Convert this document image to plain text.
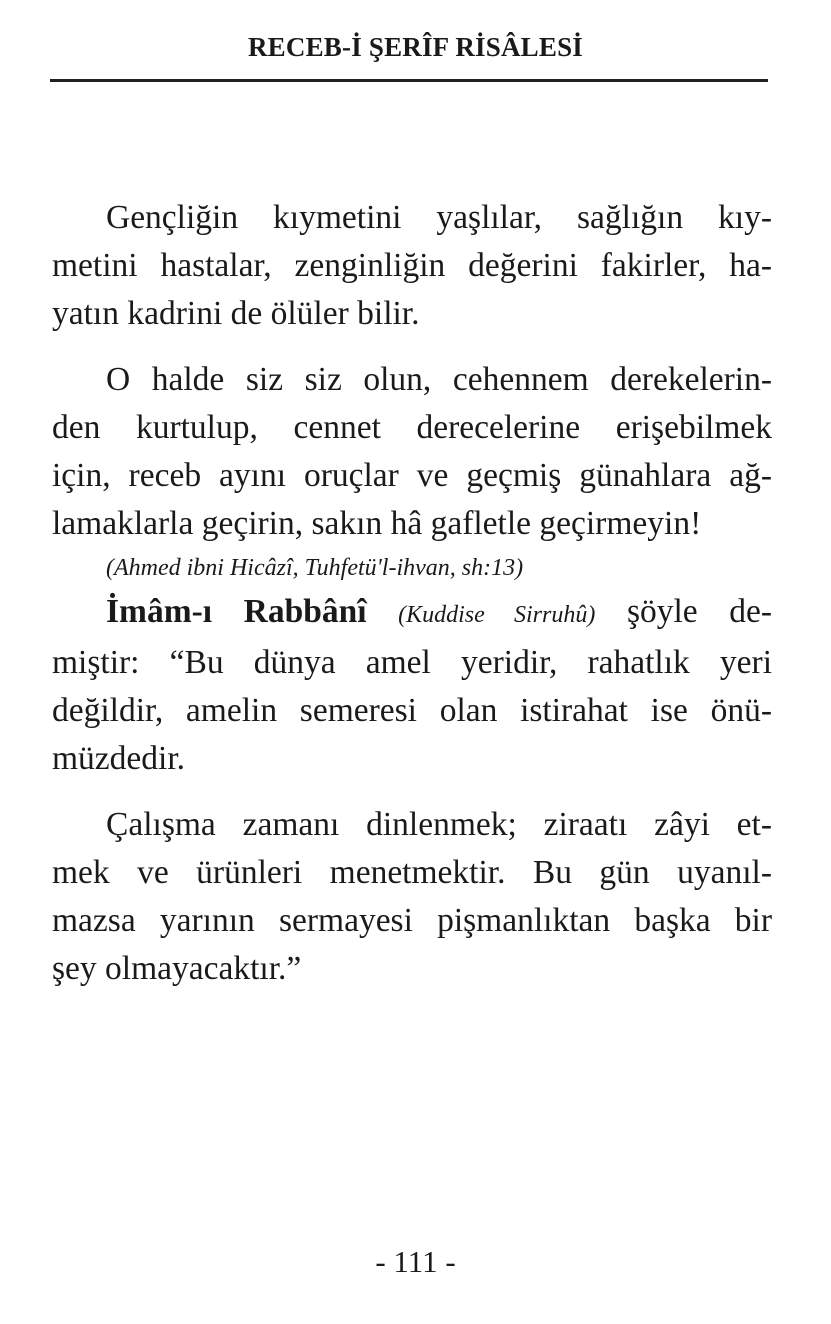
RECEB-İ ŞERÎF RİSÂLESİ

Gençliğin kıymetini yaşlılar, sağlığın kıy-
metini hastalar, zenginliğin değerini fakirler, ha-
yatın kadrini de ölüler bilir.

O halde siz siz olun, cehennem derekelerin-
den kurtulup, cennet derecelerine erişebilmek
için, receb ayını oruçlar ve geçmiş günahlara ağ-
lamaklarla geçirin, sakın hâ gafletle geçirmeyin!

(Ahmed ibni Hicâzî, Tuhfetü'l-ihvan, sh:13)

İmâm-ı Rabbânî (Kuddise Sirruhû) şöyle de-
miştir: “Bu dünya amel yeridir, rahatlık yeri
değildir, amelin semeresi olan istirahat ise önü-
müzdedir.

Çalışma zamanı dinlenmek; ziraatı zâyi et-
mek ve ürünleri menetmektir. Bu gün uyanıl-
mazsa yarının sermayesi pişmanlıktan başka bir
şey olmayacaktır.”

- 111 -
